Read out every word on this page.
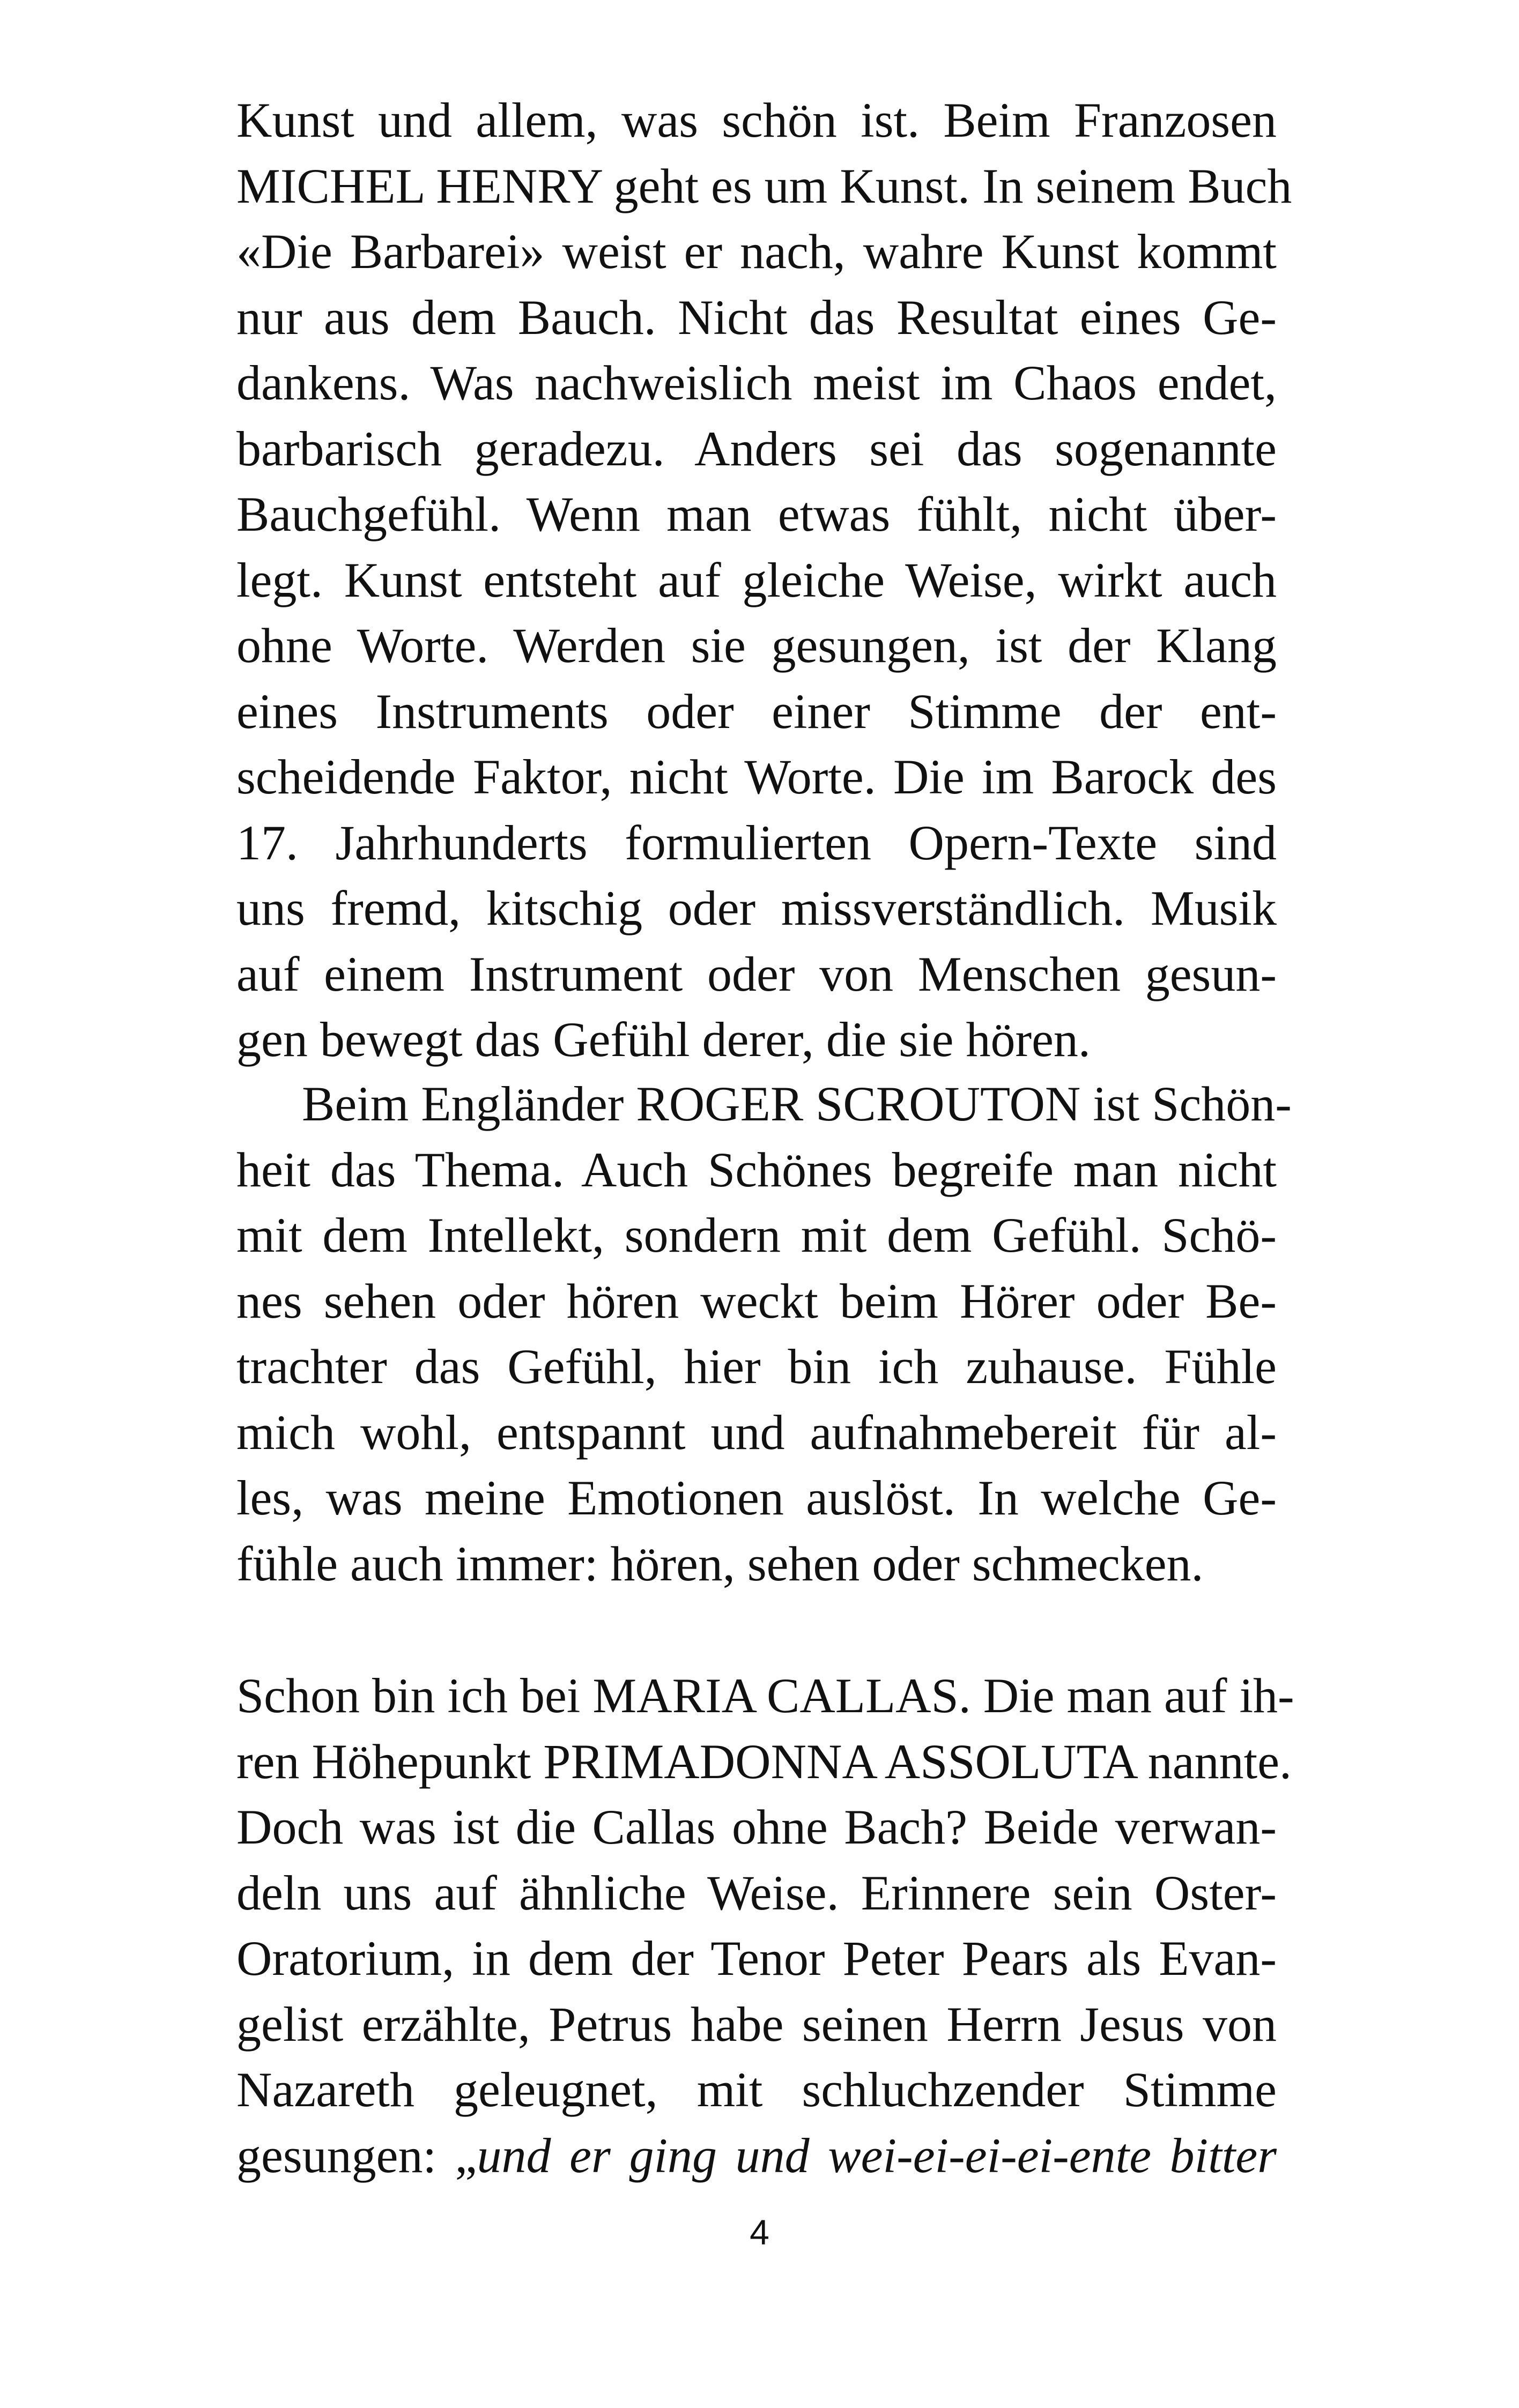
Kunst und allem, was schön ist. Beim Franzosen
MICHEL HENRY geht es um Kunst. In seinem Buch
«Die Barbarei» weist er nach, wahre Kunst kommt
nur aus dem Bauch. Nicht das Resultat eines Ge-
dankens. Was nachweislich meist im Chaos endet,
barbarisch geradezu. Anders sei das sogenannte
Bauchgefühl. Wenn man etwas fühlt, nicht über-
legt. Kunst entsteht auf gleiche Weise, wirkt auch
ohne Worte. Werden sie gesungen, ist der Klang
eines Instruments oder einer Stimme der ent-
scheidende Faktor, nicht Worte. Die im Barock des
17. Jahrhunderts formulierten Opern-Texte sind
uns fremd, kitschig oder missverständlich. Musik
auf einem Instrument oder von Menschen gesun-
gen bewegt das Gefühl derer, die sie hören.
Beim Engländer ROGER SCROUTON ist Schön-
heit das Thema. Auch Schönes begreife man nicht
mit dem Intellekt, sondern mit dem Gefühl. Schö-
nes sehen oder hören weckt beim Hörer oder Be-
trachter das Gefühl, hier bin ich zuhause. Fühle
mich wohl, entspannt und aufnahmebereit für al-
les, was meine Emotionen auslöst. In welche Ge-
fühle auch immer: hören, sehen oder schmecken.
Schon bin ich bei MARIA CALLAS. Die man auf ih-
ren Höhepunkt PRIMADONNA ASSOLUTA nannte.
Doch was ist die Callas ohne Bach? Beide verwan-
deln uns auf ähnliche Weise. Erinnere sein Oster-
Oratorium, in dem der Tenor Peter Pears als Evan-
gelist erzählte, Petrus habe seinen Herrn Jesus von
Nazareth geleugnet, mit schluchzender Stimme
gesungen: „und er ging und wei-ei-ei-ei-ente bitter
4
